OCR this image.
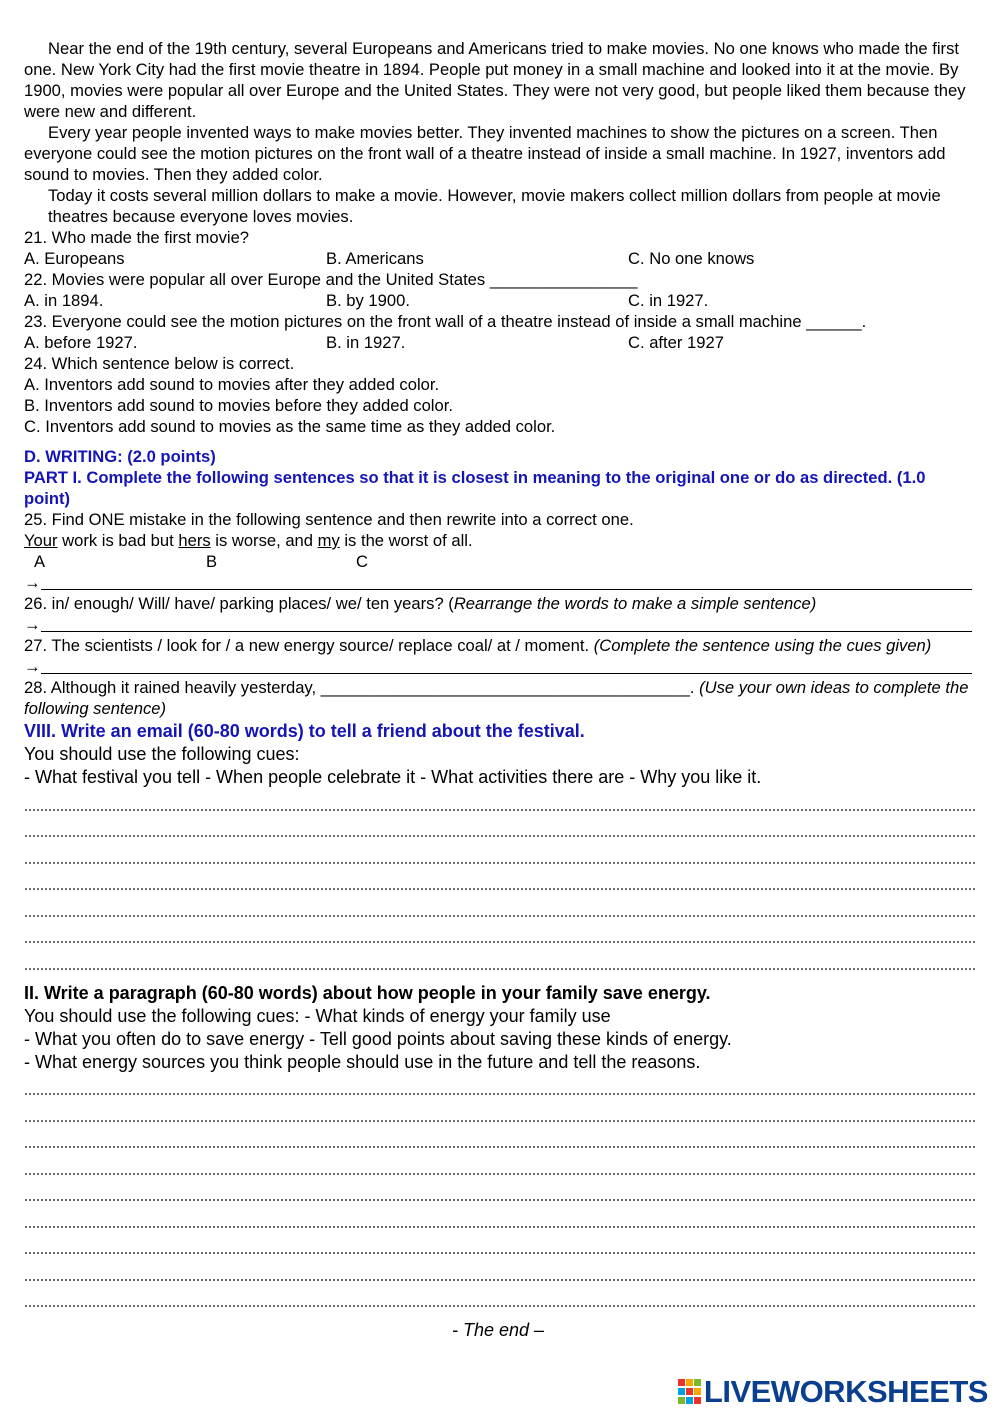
Near the end of the 19th century, several Europeans and Americans tried to make movies. No one knows who made the first one. New York City had the first movie theatre in 1894. People put money in a small machine and looked into it at the movie. By 1900, movies were popular all over Europe and the United States. They were not very good, but people liked them because they were new and different.

Every year people invented ways to make movies better. They invented machines to show the pictures on a screen. Then everyone could see the motion pictures on the front wall of a theatre instead of inside a small machine. In 1927, inventors add sound to movies. Then they added color.

Today it costs several million dollars to make a movie. However, movie makers collect million dollars from people at movie theatres because everyone loves movies.

21. Who made the first movie?

A. Europeans	B. Americans	C. No one knows

22. Movies were popular all over Europe and the United States ________________

A. in 1894.	B. by 1900.	C. in 1927.

23. Everyone could see the motion pictures on the front wall of a theatre instead of inside a small machine ______.

A. before 1927.	B. in 1927.	C. after 1927

24. Which sentence below is correct.

A. Inventors add sound to movies after they added color.

B. Inventors add sound to movies before they added color.

C. Inventors add sound to movies as the same time as they added color.

D. WRITING: (2.0 points)

PART I. Complete the following sentences so that it is closest in meaning to the original one or do as directed. (1.0 point)

25. Find ONE mistake in the following sentence and then rewrite into a correct one.

Your work is bad but hers is worse, and my is the worst of all.

A	B	C

→

26. in/ enough/ Will/ have/ parking places/ we/ ten years? (Rearrange the words to make a simple sentence)

→

27. The scientists / look for / a new energy source/ replace coal/ at / moment. (Complete the sentence using the cues given)

→

28. Although it rained heavily yesterday, ________________________________________. (Use your own ideas to complete the following sentence)

VIII. Write an email (60-80 words) to tell a friend about the festival.

You should use the following cues:

- What festival you tell - When people celebrate it - What activities there are - Why you like it.

II. Write a paragraph (60-80 words) about how people in your family save energy.

You should use the following cues: - What kinds of energy your family use

- What you often do to save energy - Tell good points about saving these kinds of energy.

- What energy sources you think people should use in the future and tell the reasons.

- The end –

LIVEWORKSHEETS
